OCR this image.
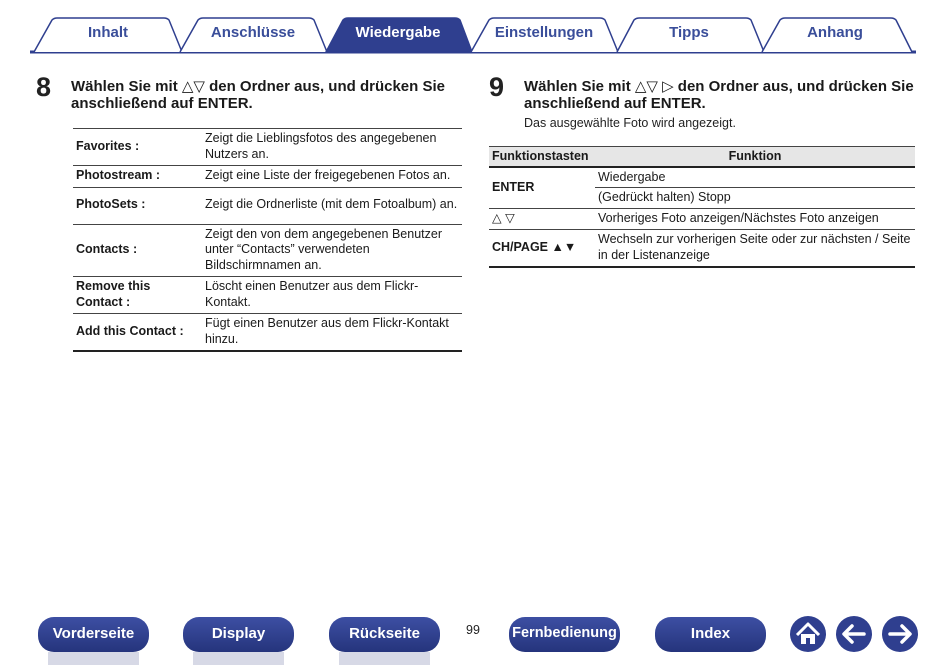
Inhalt	Anschlüsse	Wiedergabe	Einstellungen	Tipps	Anhang
8 Wählen Sie mit △▽ den Ordner aus, und drücken Sie
anschließend auf ENTER.
Favorites :	Zeigt die Lieblingsfotos des angegebenen Nutzers an.
Photostream :	Zeigt eine Liste der freigegebenen Fotos an.
PhotoSets :	Zeigt die Ordnerliste (mit dem Fotoalbum) an.
Contacts :	Zeigt den von dem angegebenen Benutzer unter “Contacts” verwendeten Bildschirmnamen an.
Remove this Contact :	Löscht einen Benutzer aus dem Flickr-Kontakt.
Add this Contact :	Fügt einen Benutzer aus dem Flickr-Kontakt hinzu.
9 Wählen Sie mit △▽ ▷ den Ordner aus, und drücken Sie
anschließend auf ENTER.
Das ausgewählte Foto wird angezeigt.
Funktionstasten	Funktion
ENTER	Wiedergabe
	(Gedrückt halten) Stopp
△ ▽	Vorheriges Foto anzeigen/Nächstes Foto anzeigen
CH/PAGE ▲▼	Wechseln zur vorherigen Seite oder zur nächsten / Seite in der Listenanzeige
Vorderseite	Display	Rückseite	99 Fernbedienung	Index
